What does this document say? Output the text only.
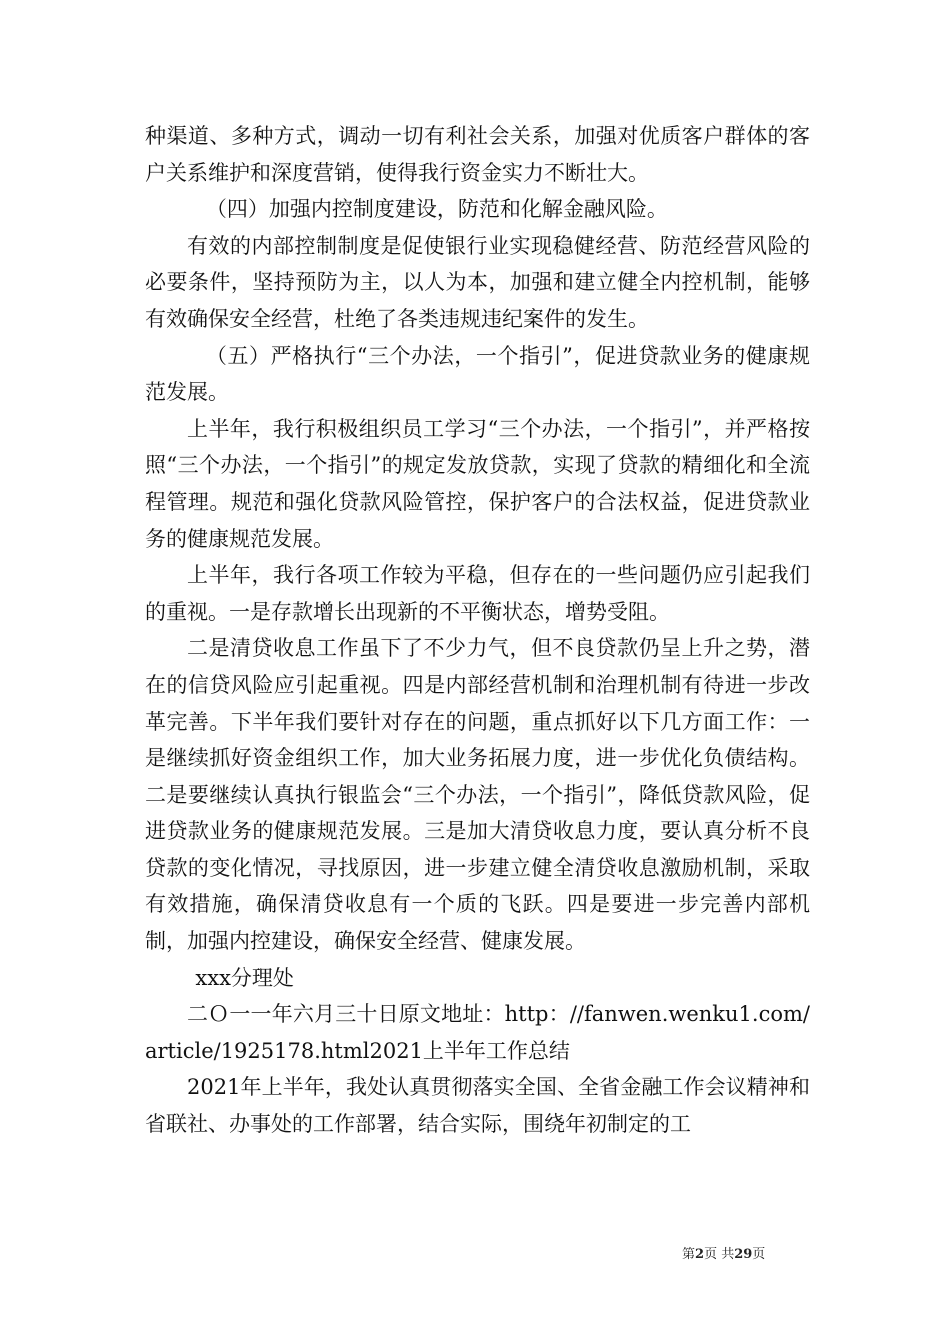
种渠道、多种方式，调动一切有利社会关系，加强对优质客户群体的客户关系维护和深度营销，使得我行资金实力不断壮大。

（四）加强内控制度建设，防范和化解金融风险。

有效的内部控制制度是促使银行业实现稳健经营、防范经营风险的必要条件，坚持预防为主，以人为本，加强和建立健全内控机制，能够有效确保安全经营，杜绝了各类违规违纪案件的发生。

（五）严格执行“三个办法，一个指引”，促进贷款业务的健康规范发展。

上半年，我行积极组织员工学习“三个办法，一个指引”，并严格按照“三个办法，一个指引”的规定发放贷款，实现了贷款的精细化和全流程管理。规范和强化贷款风险管控，保护客户的合法权益，促进贷款业务的健康规范发展。

上半年，我行各项工作较为平稳，但存在的一些问题仍应引起我们的重视。一是存款增长出现新的不平衡状态，增势受阻。

二是清贷收息工作虽下了不少力气，但不良贷款仍呈上升之势，潜在的信贷风险应引起重视。四是内部经营机制和治理机制有待进一步改革完善。下半年我们要针对存在的问题，重点抓好以下几方面工作：一是继续抓好资金组织工作，加大业务拓展力度，进一步优化负债结构。二是要继续认真执行银监会“三个办法，一个指引”，降低贷款风险，促进贷款业务的健康规范发展。三是加大清贷收息力度，要认真分析不良贷款的变化情况，寻找原因，进一步建立健全清贷收息激励机制，采取有效措施，确保清贷收息有一个质的飞跃。四是要进一步完善内部机制，加强内控建设，确保安全经营、健康发展。

xxx分理处

二Ｏ一一年六月三十日原文地址：http：//fanwen.wenku1.com/article/1925178.html2021上半年工作总结

2021年上半年，我处认真贯彻落实全国、全省金融工作会议精神和省联社、办事处的工作部署，结合实际，围绕年初制定的工

第2页 共29页
